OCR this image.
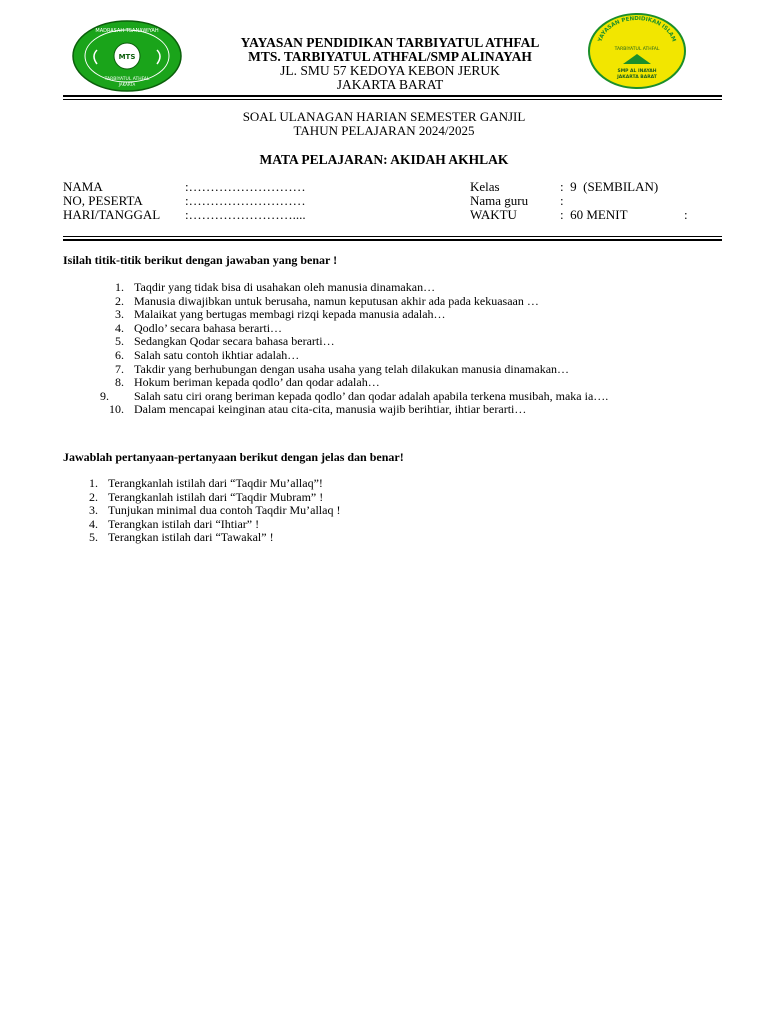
MADRASAH TSANAWIYAH
MTS
TARBIYATUL ATHFAL
JAKARTA
YAYASAN PENDIDIKAN ISLAM
TARBIYATUL ATHFAL
SMP AL INAYAH
JAKARTA BARAT
YAYASAN PENDIDIKAN TARBIYATUL ATHFAL
MTS. TARBIYATUL ATHFAL/SMP ALINAYAH
JL. SMU 57 KEDOYA KEBON JERUK
JAKARTA BARAT
SOAL ULANAGAN HARIAN SEMESTER GANJIL
TAHUN PELAJARAN 2024/2025
MATA PELAJARAN: AKIDAH AKHLAK
NAMA	:………………………
NO, PESERTA	:………………………
HARI/TANGGAL :……………………....
Kelas	:  9  (SEMBILAN)
Nama guru :
WAKTU	:  60 MENIT	:
Isilah titik-titik berikut dengan jawaban yang benar !
1. Taqdir yang tidak bisa di usahakan oleh manusia dinamakan…
2. Manusia diwajibkan untuk berusaha, namun keputusan akhir ada pada kekuasaan …
3. Malaikat yang bertugas membagi rizqi kepada manusia adalah…
4. Qodlo’ secara bahasa berarti…
5. Sedangkan Qodar secara bahasa berarti…
6. Salah satu contoh ikhtiar adalah…
7. Takdir yang berhubungan dengan usaha usaha yang telah dilakukan manusia dinamakan…
8. Hokum beriman kepada qodlo’ dan qodar adalah…
9.	Salah satu ciri orang beriman kepada qodlo’ dan qodar adalah apabila terkena musibah, maka ia….
10. Dalam mencapai keinginan atau cita-cita, manusia wajib berihtiar, ihtiar berarti…
Jawablah pertanyaan-pertanyaan berikut dengan jelas dan benar!
1. Terangkanlah istilah dari “Taqdir Mu’allaq”!
2. Terangkanlah istilah dari “Taqdir Mubram” !
3. Tunjukan minimal dua contoh Taqdir Mu’allaq !
4. Terangkan istilah dari “Ihtiar” !
5. Terangkan istilah dari “Tawakal” !
